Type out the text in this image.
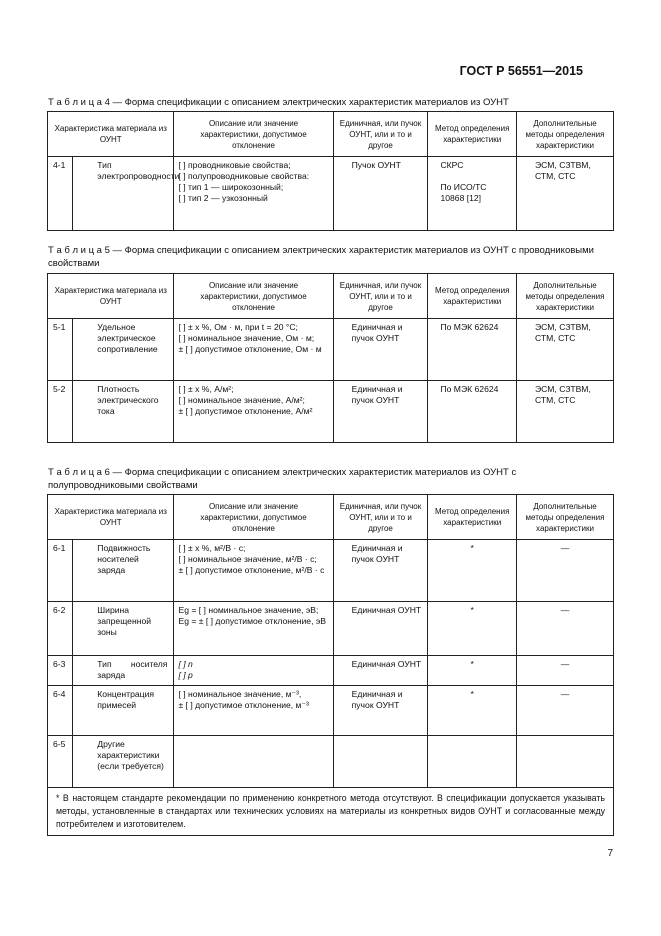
ГОСТ Р 56551—2015
Т а б л и ц а 4 — Форма спецификации с описанием электрических характеристик материалов из ОУНТ
Характеристика материала из ОУНТ		Описание или значение характеристики, допустимое отклонение	Единичная, или пучок ОУНТ, или и то и другое	Метод определения характеристики	Дополнительные методы определения характеристики
4-1	Тип электропроводности	[ ] проводниковые свойства;
[ ] полупроводниковые свойства:
[ ] тип 1 — широкозонный;
[ ] тип 2 — узкозонный	Пучок ОУНТ	СКРС

По ИСО/ТС 10868 [12]	ЭСМ, СЗТВМ, СТМ, СТС
Т а б л и ц а 5 — Форма спецификации с описанием электрических характеристик материалов из ОУНТ с проводниковыми свойствами
Характеристика материала из ОУНТ		Описание или значение характеристики, допустимое отклонение	Единичная, или пучок ОУНТ, или и то и другое	Метод определения характеристики	Дополнительные методы определения характеристики
5-1	Удельное электрическое сопротивление	[ ] ± x %, Ом · м, при t = 20 °С;
[ ] номинальное значение, Ом · м;
± [ ] допустимое отклонение, Ом · м	Единичная и пучок ОУНТ	По МЭК 62624	ЭСМ, СЗТВМ, СТМ, СТС
5-2	Плотность электрического тока	[ ] ± x %, А/м²;
[ ] номинальное значение, А/м²;
± [ ] допустимое отклонение, А/м²	Единичная и пучок ОУНТ	По МЭК 62624	ЭСМ, СЗТВМ, СТМ, СТС
Т а б л и ц а 6 — Форма спецификации с описанием электрических характеристик материалов из ОУНТ с полупроводниковыми свойствами
Характеристика материала из ОУНТ		Описание или значение характеристики, допустимое отклонение	Единичная, или пучок ОУНТ, или и то и другое	Метод определения характеристики	Дополнительные методы определения характеристики
6-1	Подвижность носителей заряда	[ ] ± x %, м²/В · с;
[ ] номинальное значение, м²/В · с;
± [ ] допустимое отклонение, м²/В · с	Единичная и пучок ОУНТ	*	—
6-2	Ширина запрещенной зоны	Eg = [ ] номинальное значение, эВ;
Eg = ± [ ] допустимое отклонение, эВ	Единичная ОУНТ	*	—
6-3	Тип носителя заряда	[ ] n
[ ] p	Единичная ОУНТ	*	—
6-4	Концентрация примесей	[ ] номинальное значение, м⁻³,
± [ ] допустимое отклонение, м⁻³	Единичная и пучок ОУНТ	*	—
6-5	Другие характеристики (если требуется)				
* В настоящем стандарте рекомендации по применению конкретного метода отсутствуют. В спецификации допускается указывать методы, установленные в стандартах или технических условиях на материалы из конкретных видов ОУНТ и согласованные между потребителем и изготовителем.					
7
